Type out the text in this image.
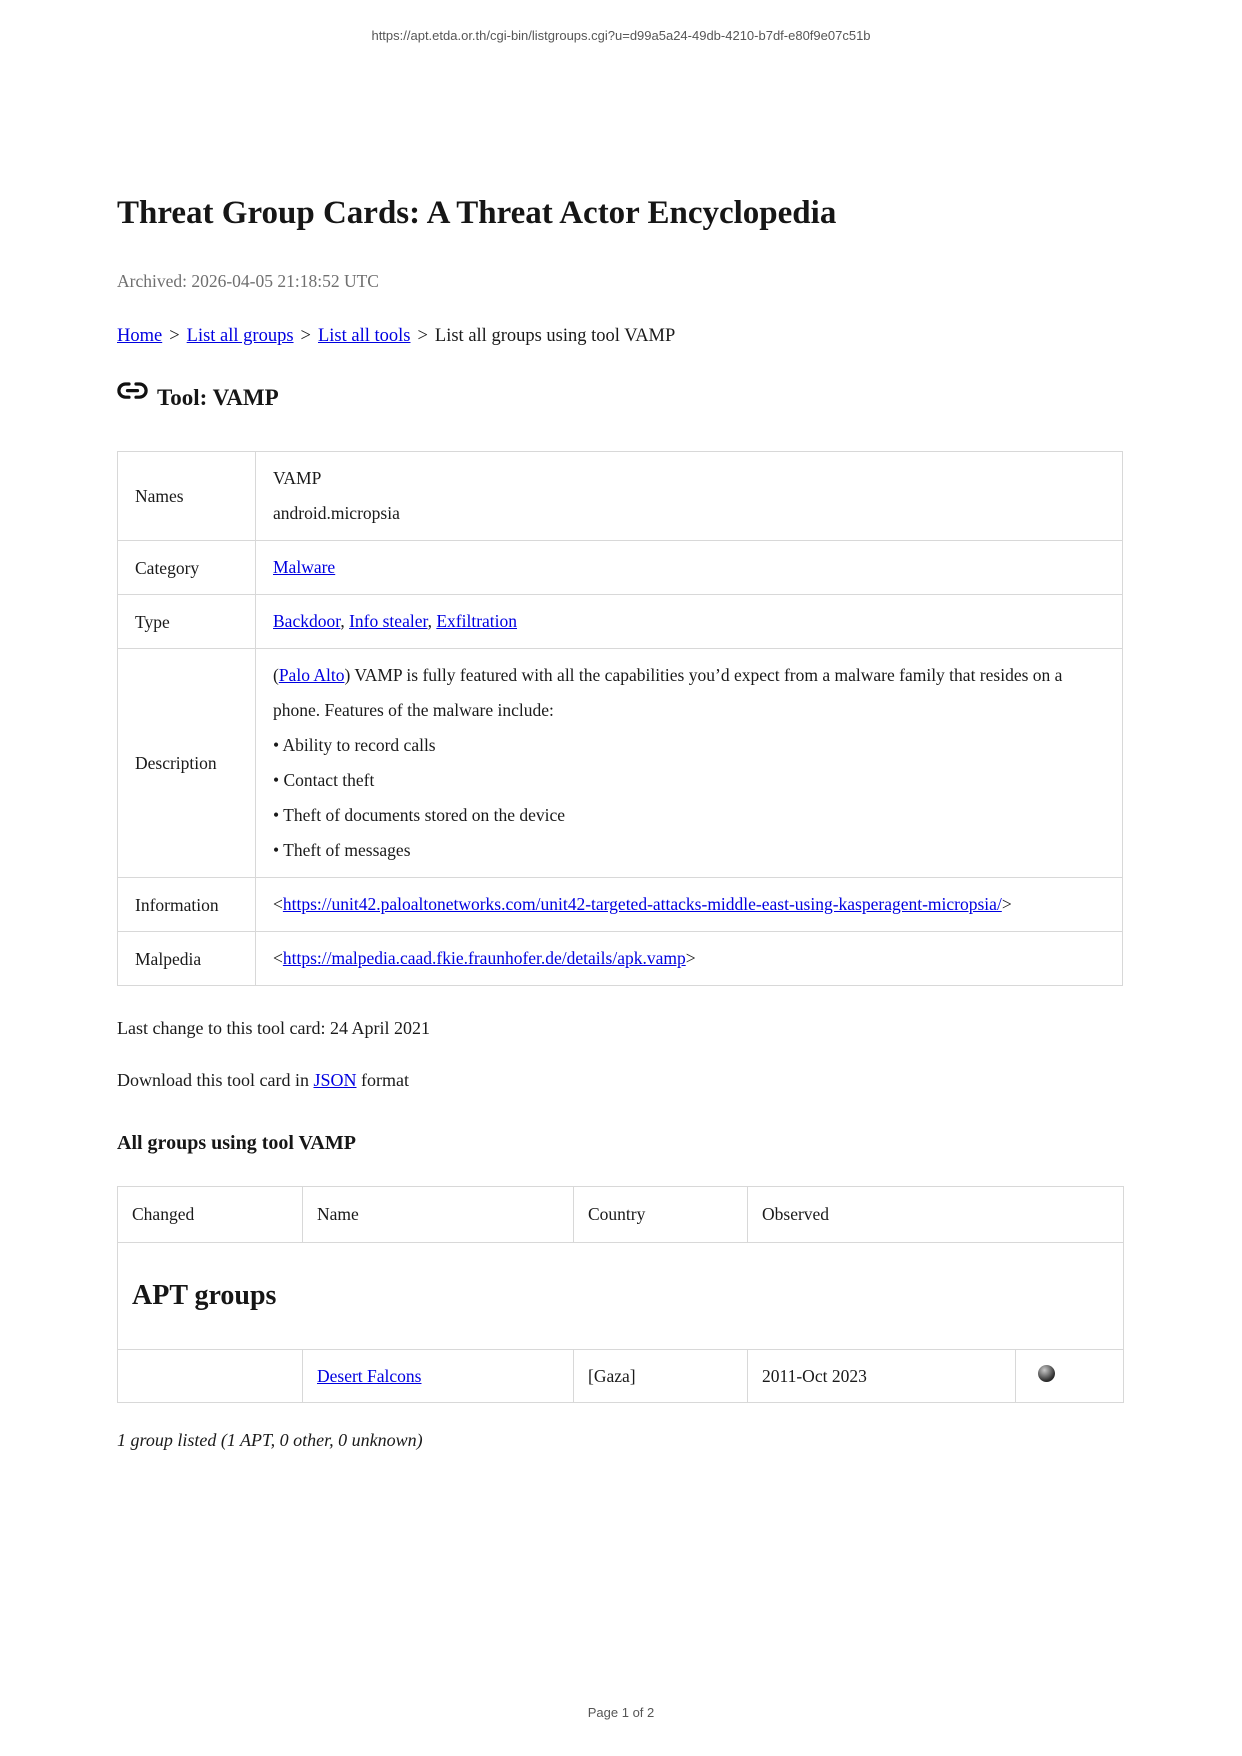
https://apt.etda.or.th/cgi-bin/listgroups.cgi?u=d99a5a24-49db-4210-b7df-e80f9e07c51b
Threat Group Cards: A Threat Actor Encyclopedia
Archived: 2026-04-05 21:18:52 UTC
Home > List all groups > List all tools > List all groups using tool VAMP
Tool: VAMP
Names	VAMP
android.micropsia

Category	Malware
Type	Backdoor, Info stealer, Exfiltration
Description	(Palo Alto) VAMP is fully featured with all the capabilities you’d expect from a malware family that resides on a phone. Features of the malware include:
• Ability to record calls
• Contact theft
• Theft of documents stored on the device
• Theft of messages

Information	<https://unit42.paloaltonetworks.com/unit42-targeted-attacks-middle-east-using-kasperagent-micropsia/>
Malpedia	<https://malpedia.caad.fkie.fraunhofer.de/details/apk.vamp>

Last change to this tool card: 24 April 2021

Download this tool card in JSON format

All groups using tool VAMP
Changed	Name	Country	Observed	
APT groups				
	Desert Falcons	[Gaza]	2011-Oct 2023	

1 group listed (1 APT, 0 other, 0 unknown)

Page 1 of 2
